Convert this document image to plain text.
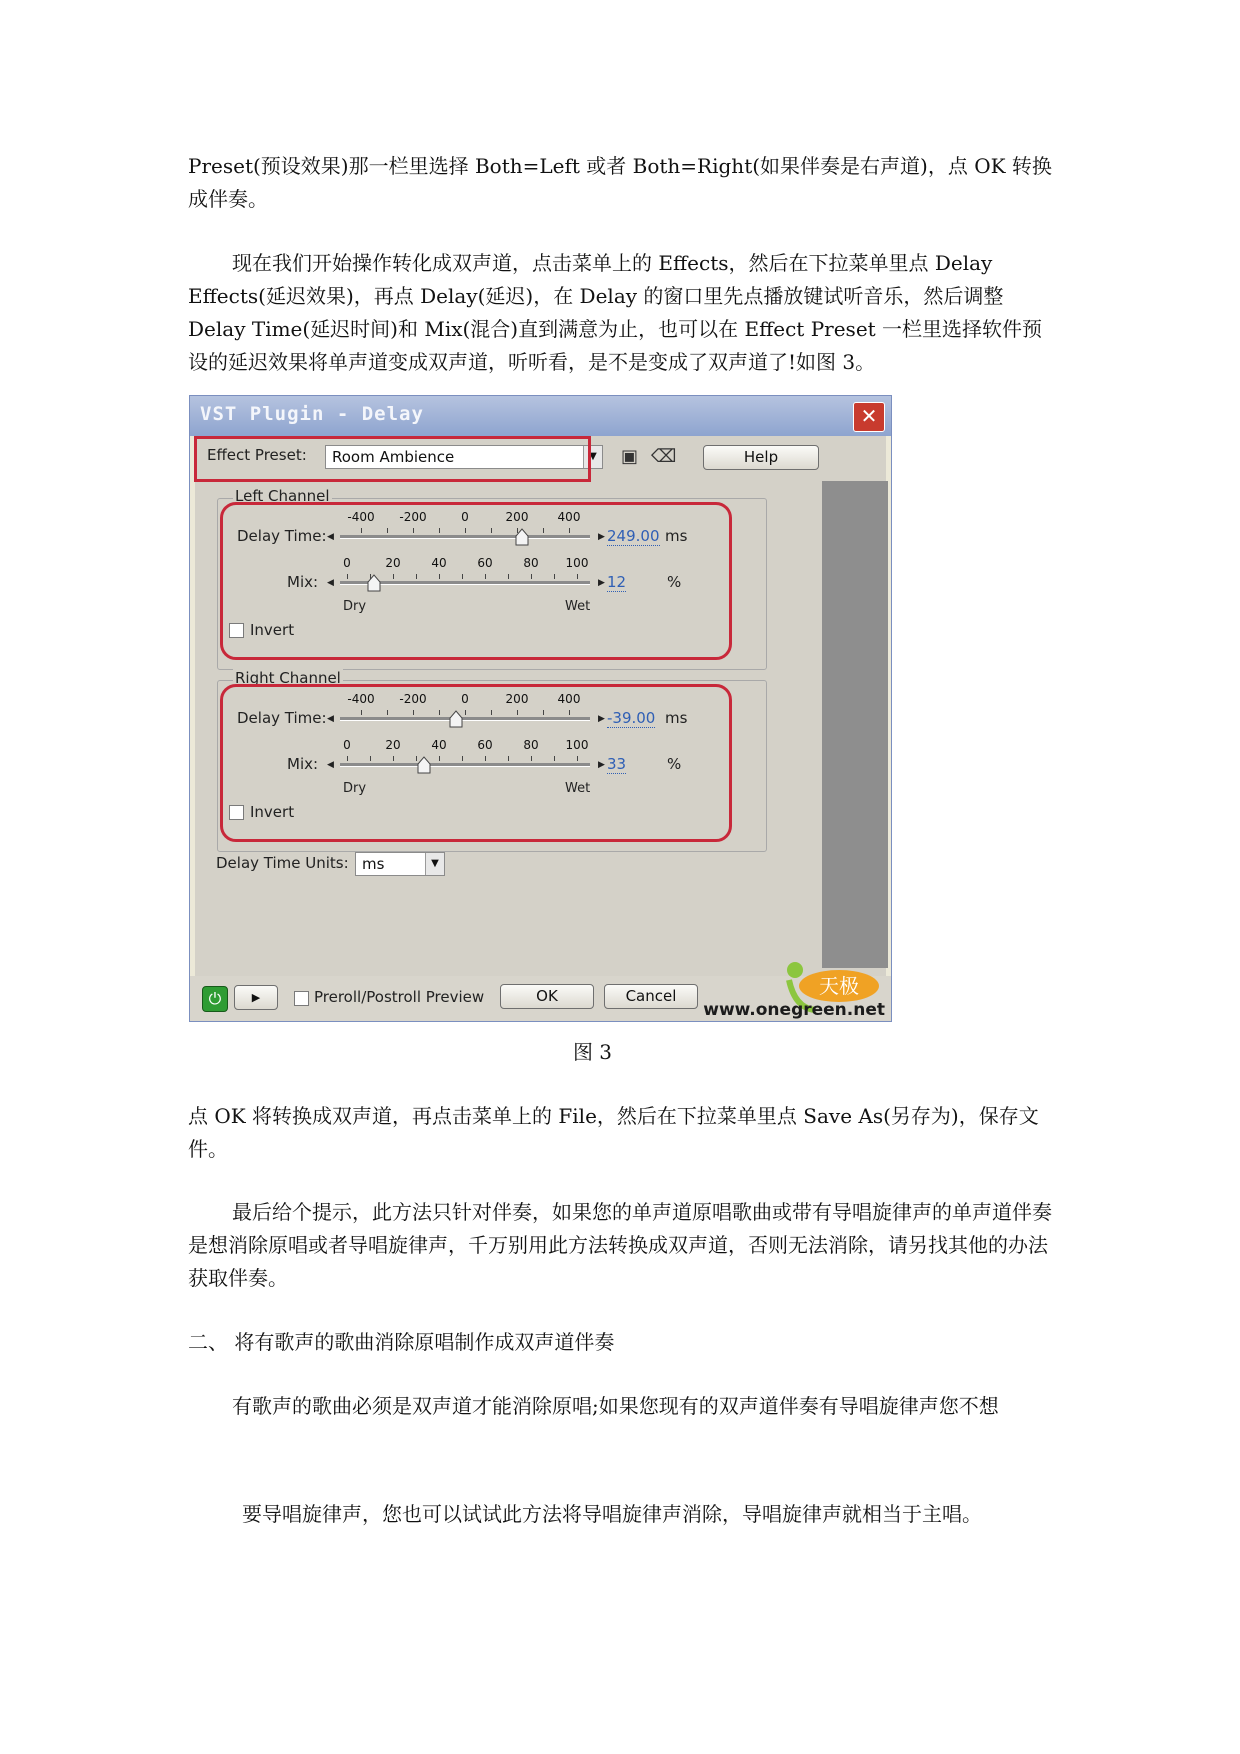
Preset(预设效果)那一栏里选择 Both=Left 或者 Both=Right(如果伴奏是右声道)，点 OK 转换成伴奏。

现在我们开始操作转化成双声道，点击菜单上的 Effects，然后在下拉菜单里点 Delay Effects(延迟效果)，再点 Delay(延迟)，在 Delay 的窗口里先点播放键试听音乐，然后调整 Delay Time(延迟时间)和 Mix(混合)直到满意为止，也可以在 Effect Preset 一栏里选择软件预设的延迟效果将单声道变成双声道，听听看，是不是变成了双声道了!如图 3。

VST Plugin - Delay	✕
Effect Preset:	Room Ambience	▼ ▣ ⌫	Help
Left Channel
Delay Time: ◀
-400 -200	0	200 400
▶ 249.00 ms
Mix: ◀
0	20	40	60	80 100
▶ 12	%
Dry	Wet
Invert
Right Channel
Delay Time: ◀
-400 -200	0	200 400
▶ -39.00 ms
Mix: ◀
0	20	40	60	80 100
▶ 33	%
Dry	Wet
Invert
Delay Time Units: ms	▼
⏻	▶	Preroll/Postroll Preview	OK	Cancel	天极
www.onegreen.net
图 3

点 OK 将转换成双声道，再点击菜单上的 File，然后在下拉菜单里点 Save As(另存为)，保存文件。

最后给个提示，此方法只针对伴奏，如果您的单声道原唱歌曲或带有导唱旋律声的单声道伴奏是想消除原唱或者导唱旋律声，千万别用此方法转换成双声道，否则无法消除，请另找其他的办法获取伴奏。

二、 将有歌声的歌曲消除原唱制作成双声道伴奏

有歌声的歌曲必须是双声道才能消除原唱;如果您现有的双声道伴奏有导唱旋律声您不想

要导唱旋律声，您也可以试试此方法将导唱旋律声消除，导唱旋律声就相当于主唱。
